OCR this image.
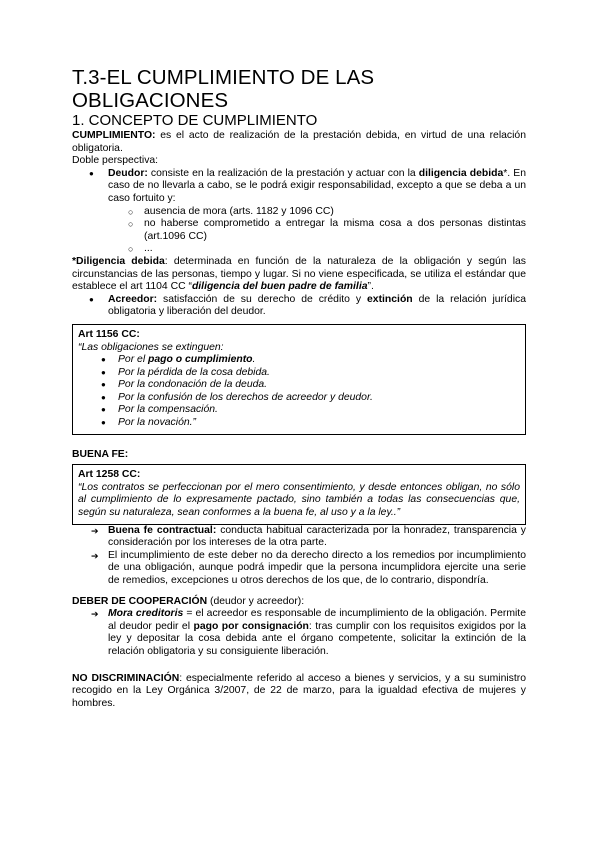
T.3-EL CUMPLIMIENTO DE LAS OBLIGACIONES
1. CONCEPTO DE CUMPLIMIENTO

CUMPLIMIENTO: es el acto de realización de la prestación debida, en virtud de una relación obligatoria.

Doble perspectiva:

● Deudor: consiste en la realización de la prestación y actuar con la diligencia debida*. En caso de no llevarla a cabo, se le podrá exigir responsabilidad, excepto a que se deba a un caso fortuito y:
○ ausencia de mora (arts. 1182 y 1096 CC)
○ no haberse comprometido a entregar la misma cosa a dos personas distintas (art.1096 CC)
○ ...

*Diligencia debida: determinada en función de la naturaleza de la obligación y según las circunstancias de las personas, tiempo y lugar. Si no viene especificada, se utiliza el estándar que establece el art 1104 CC “diligencia del buen padre de familia”.

● Acreedor: satisfacción de su derecho de crédito y extinción de la relación jurídica obligatoria y liberación del deudor.

Art 1156 CC:

“Las obligaciones se extinguen:

● Por el pago o cumplimiento.
● Por la pérdida de la cosa debida.
● Por la condonación de la deuda.
● Por la confusión de los derechos de acreedor y deudor.
● Por la compensación.
● Por la novación.”

BUENA FE:

Art 1258 CC:

“Los contratos se perfeccionan por el mero consentimiento, y desde entonces obligan, no sólo al cumplimiento de lo expresamente pactado, sino también a todas las consecuencias que, según su naturaleza, sean conformes a la buena fe, al uso y a la ley..”

➔ Buena fe contractual: conducta habitual caracterizada por la honradez, transparencia y consideración por los intereses de la otra parte.
➔ El incumplimiento de este deber no da derecho directo a los remedios por incumplimiento de una obligación, aunque podrá impedir que la persona incumplidora ejercite una serie de remedios, excepciones u otros derechos de los que, de lo contrario, dispondría.

DEBER DE COOPERACIÓN (deudor y acreedor):

➔ Mora creditoris = el acreedor es responsable de incumplimiento de la obligación. Permite al deudor pedir el pago por consignación: tras cumplir con los requisitos exigidos por la ley y depositar la cosa debida ante el órgano competente, solicitar la extinción de la relación obligatoria y su consiguiente liberación.

NO DISCRIMINACIÓN: especialmente referido al acceso a bienes y servicios, y a su suministro recogido en la Ley Orgánica 3/2007, de 22 de marzo, para la igualdad efectiva de mujeres y hombres.
